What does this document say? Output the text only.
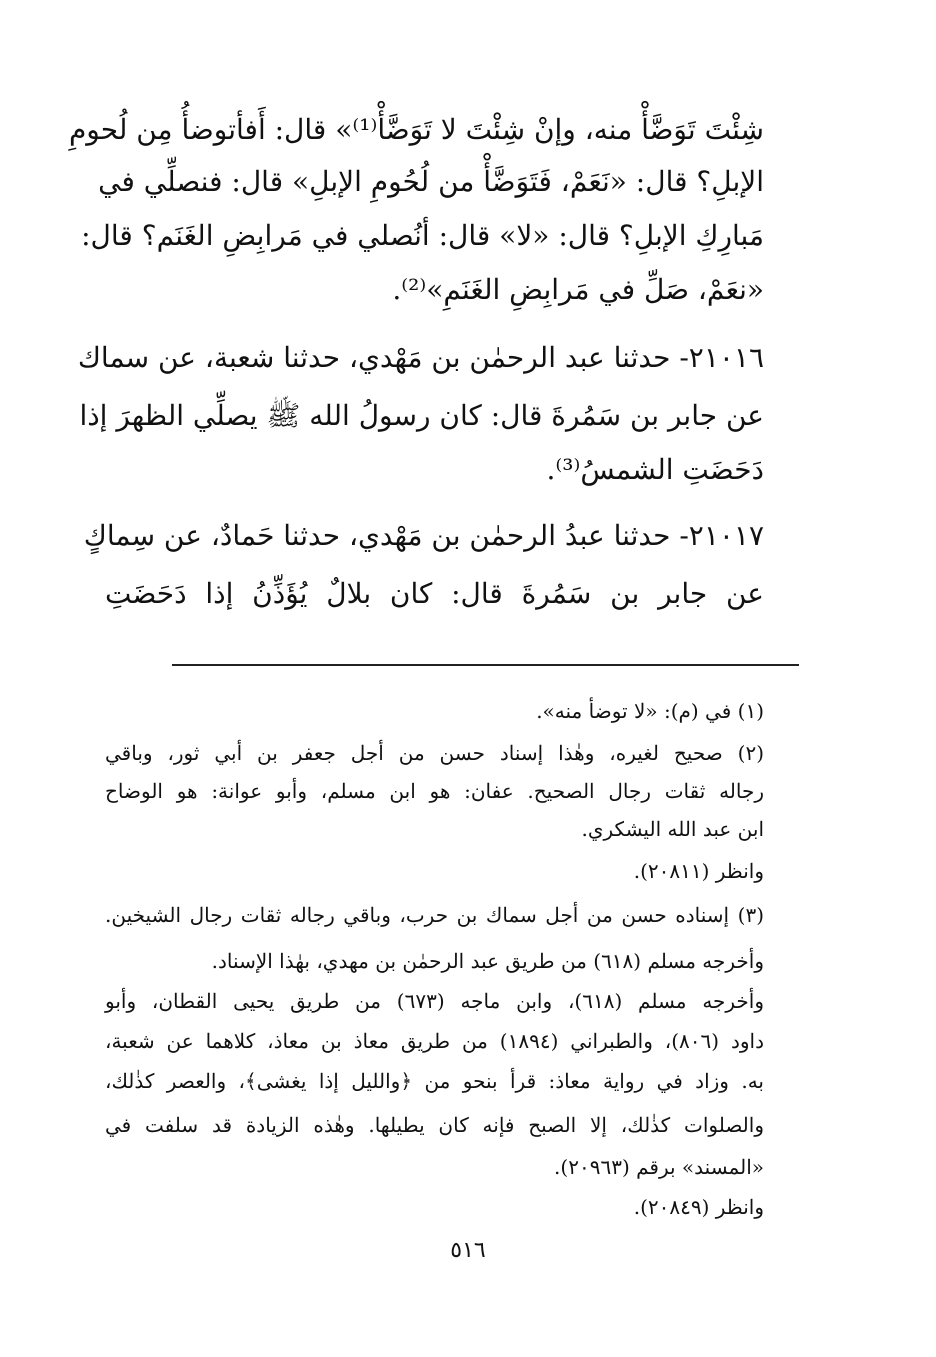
شِئْتَ تَوَضَّأْ منه، وإنْ شِئْتَ لا تَوَضَّأْ⁽¹⁾» قال: أَفأتوضأُ مِن لُحومِ
الإبلِ؟ قال: «نَعَمْ، فَتَوَضَّأْ من لُحُومِ الإبلِ» قال: فنصلِّي في
مَبارِكِ الإبلِ؟ قال: «لا» قال: أنُصلي في مَرابِضِ الغَنَم؟ قال:
«نعَمْ، صَلِّ في مَرابِضِ الغَنَمِ»⁽²⁾.
٢١٠١٦- حدثنا عبد الرحمٰن بن مَهْدي، حدثنا شعبة، عن سماك
عن جابر بن سَمُرةَ قال: كان رسولُ الله ﷺ يصلِّي الظهرَ إذا
دَحَضَتِ الشمسُ⁽³⁾.
٢١٠١٧- حدثنا عبدُ الرحمٰن بن مَهْدي، حدثنا حَمادٌ، عن سِماكٍ
عن جابر بن سَمُرةَ قال: كان بلالٌ يُؤَذِّنُ إذا دَحَضَتِ
(١) في (م): «لا توضأ منه».
(٢) صحيح لغيره، وهٰذا إسناد حسن من أجل جعفر بن أبي ثور، وباقي
رجاله ثقات رجال الصحيح. عفان: هو ابن مسلم، وأبو عوانة: هو الوضاح
ابن عبد الله اليشكري.
وانظر (٢٠٨١١).
(٣) إسناده حسن من أجل سماك بن حرب، وباقي رجاله ثقات رجال الشيخين.
وأخرجه مسلم (٦١٨) من طريق عبد الرحمٰن بن مهدي، بهٰذا الإسناد.
وأخرجه مسلم (٦١٨)، وابن ماجه (٦٧٣) من طريق يحيى القطان، وأبو
داود (٨٠٦)، والطبراني (١٨٩٤) من طريق معاذ بن معاذ، كلاهما عن شعبة،
به. وزاد في رواية معاذ: قرأ بنحو من ﴿والليل إذا يغشى﴾، والعصر كذٰلك،
والصلوات كذٰلك، إلا الصبح فإنه كان يطيلها. وهٰذه الزيادة قد سلفت في
«المسند» برقم (٢٠٩٦٣).
وانظر (٢٠٨٤٩).
٥١٦
